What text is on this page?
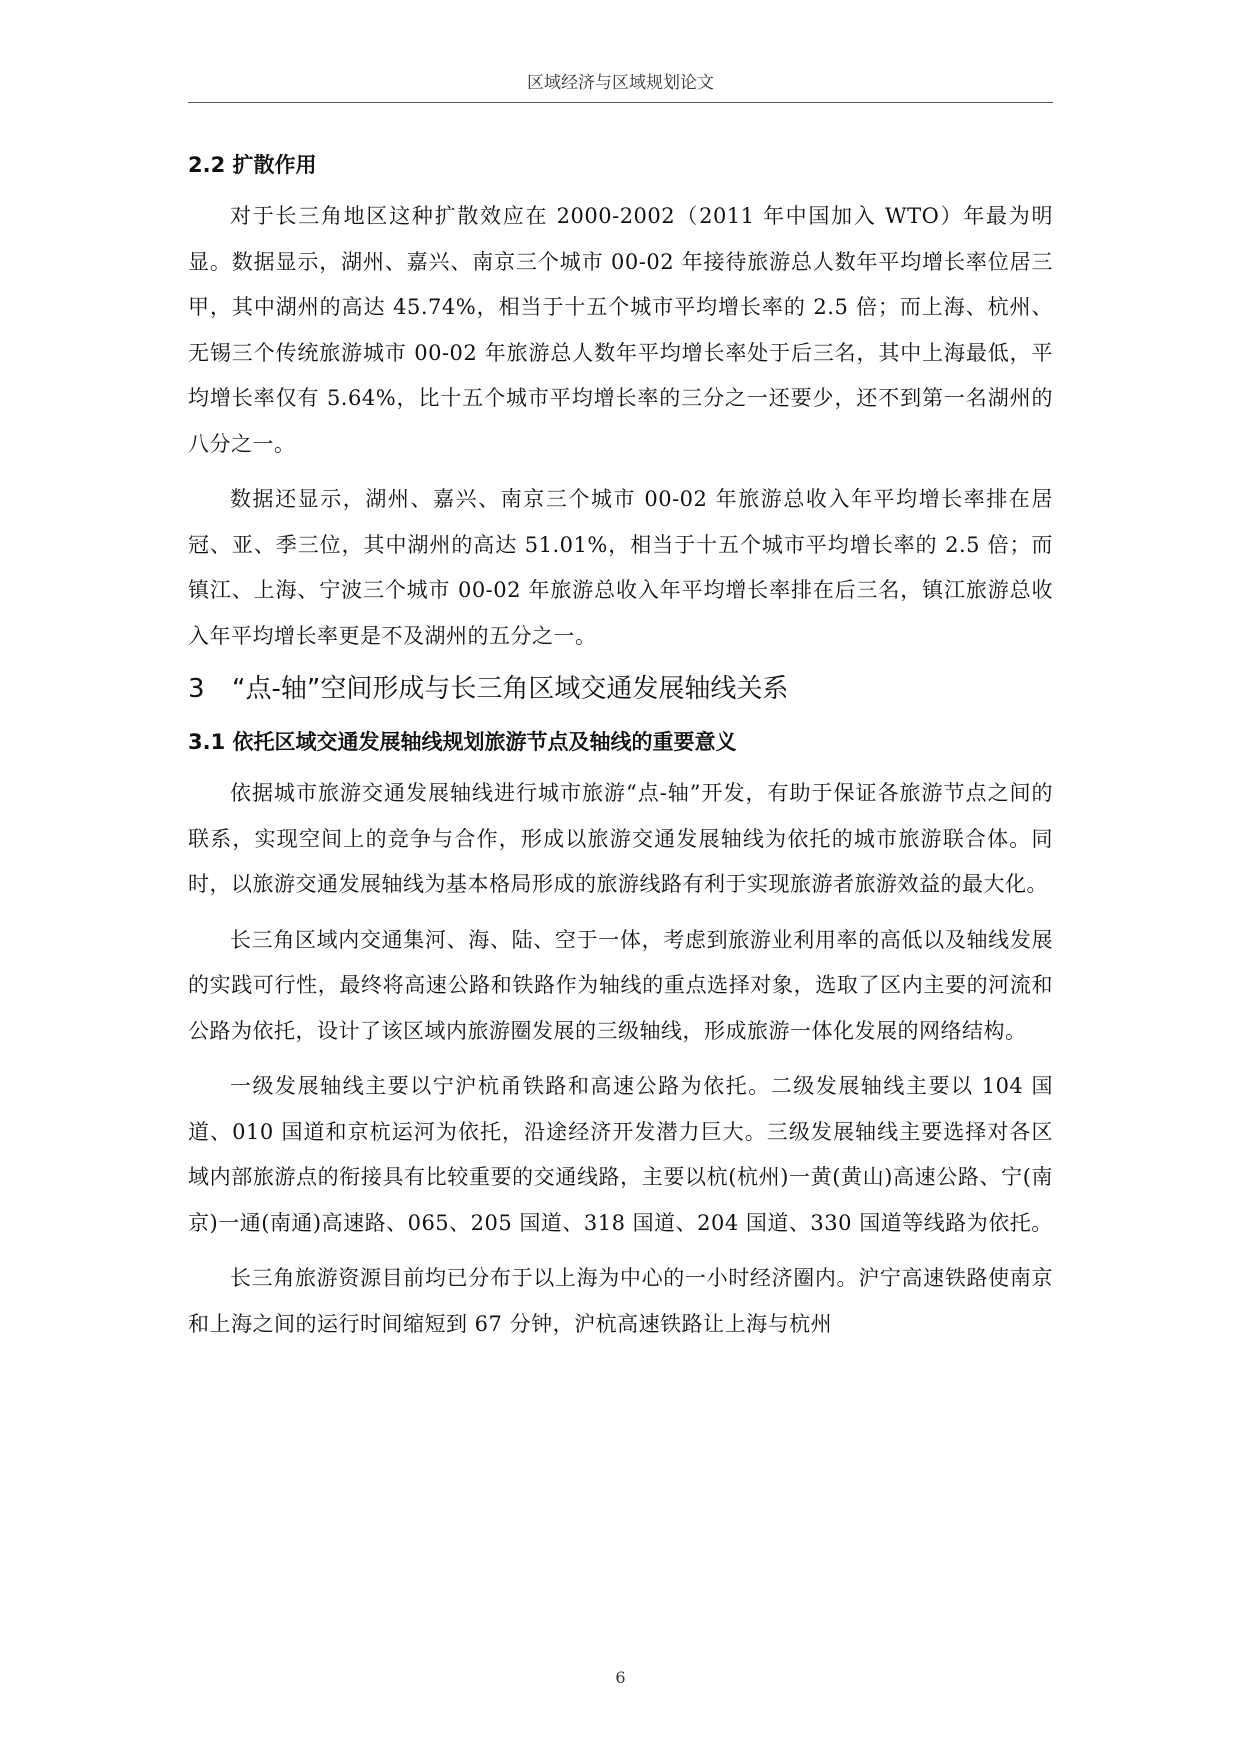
区域经济与区域规划论文
2.2 扩散作用

对于长三角地区这种扩散效应在 2000-2002（2011 年中国加入 WTO）年最为明显。数据显示，湖州、嘉兴、南京三个城市 00-02 年接待旅游总人数年平均增长率位居三甲，其中湖州的高达 45.74%，相当于十五个城市平均增长率的 2.5 倍；而上海、杭州、无锡三个传统旅游城市 00-02 年旅游总人数年平均增长率处于后三名，其中上海最低，平均增长率仅有 5.64%，比十五个城市平均增长率的三分之一还要少，还不到第一名湖州的八分之一。

数据还显示，湖州、嘉兴、南京三个城市 00-02 年旅游总收入年平均增长率排在居冠、亚、季三位，其中湖州的高达 51.01%，相当于十五个城市平均增长率的 2.5 倍；而镇江、上海、宁波三个城市 00-02 年旅游总收入年平均增长率排在后三名，镇江旅游总收入年平均增长率更是不及湖州的五分之一。

3 “点-轴”空间形成与长三角区域交通发展轴线关系
3.1 依托区域交通发展轴线规划旅游节点及轴线的重要意义

依据城市旅游交通发展轴线进行城市旅游“点-轴”开发，有助于保证各旅游节点之间的联系，实现空间上的竞争与合作，形成以旅游交通发展轴线为依托的城市旅游联合体。同时，以旅游交通发展轴线为基本格局形成的旅游线路有利于实现旅游者旅游效益的最大化。

长三角区域内交通集河、海、陆、空于一体，考虑到旅游业利用率的高低以及轴线发展的实践可行性，最终将高速公路和铁路作为轴线的重点选择对象，选取了区内主要的河流和公路为依托，设计了该区域内旅游圈发展的三级轴线，形成旅游一体化发展的网络结构。

一级发展轴线主要以宁沪杭甬铁路和高速公路为依托。二级发展轴线主要以 104 国道、010 国道和京杭运河为依托，沿途经济开发潜力巨大。三级发展轴线主要选择对各区域内部旅游点的衔接具有比较重要的交通线路，主要以杭(杭州)一黄(黄山)高速公路、宁(南京)一通(南通)高速路、065、205 国道、318 国道、204 国道、330 国道等线路为依托。

长三角旅游资源目前均已分布于以上海为中心的一小时经济圈内。沪宁高速铁路使南京和上海之间的运行时间缩短到 67 分钟，沪杭高速铁路让上海与杭州

6
